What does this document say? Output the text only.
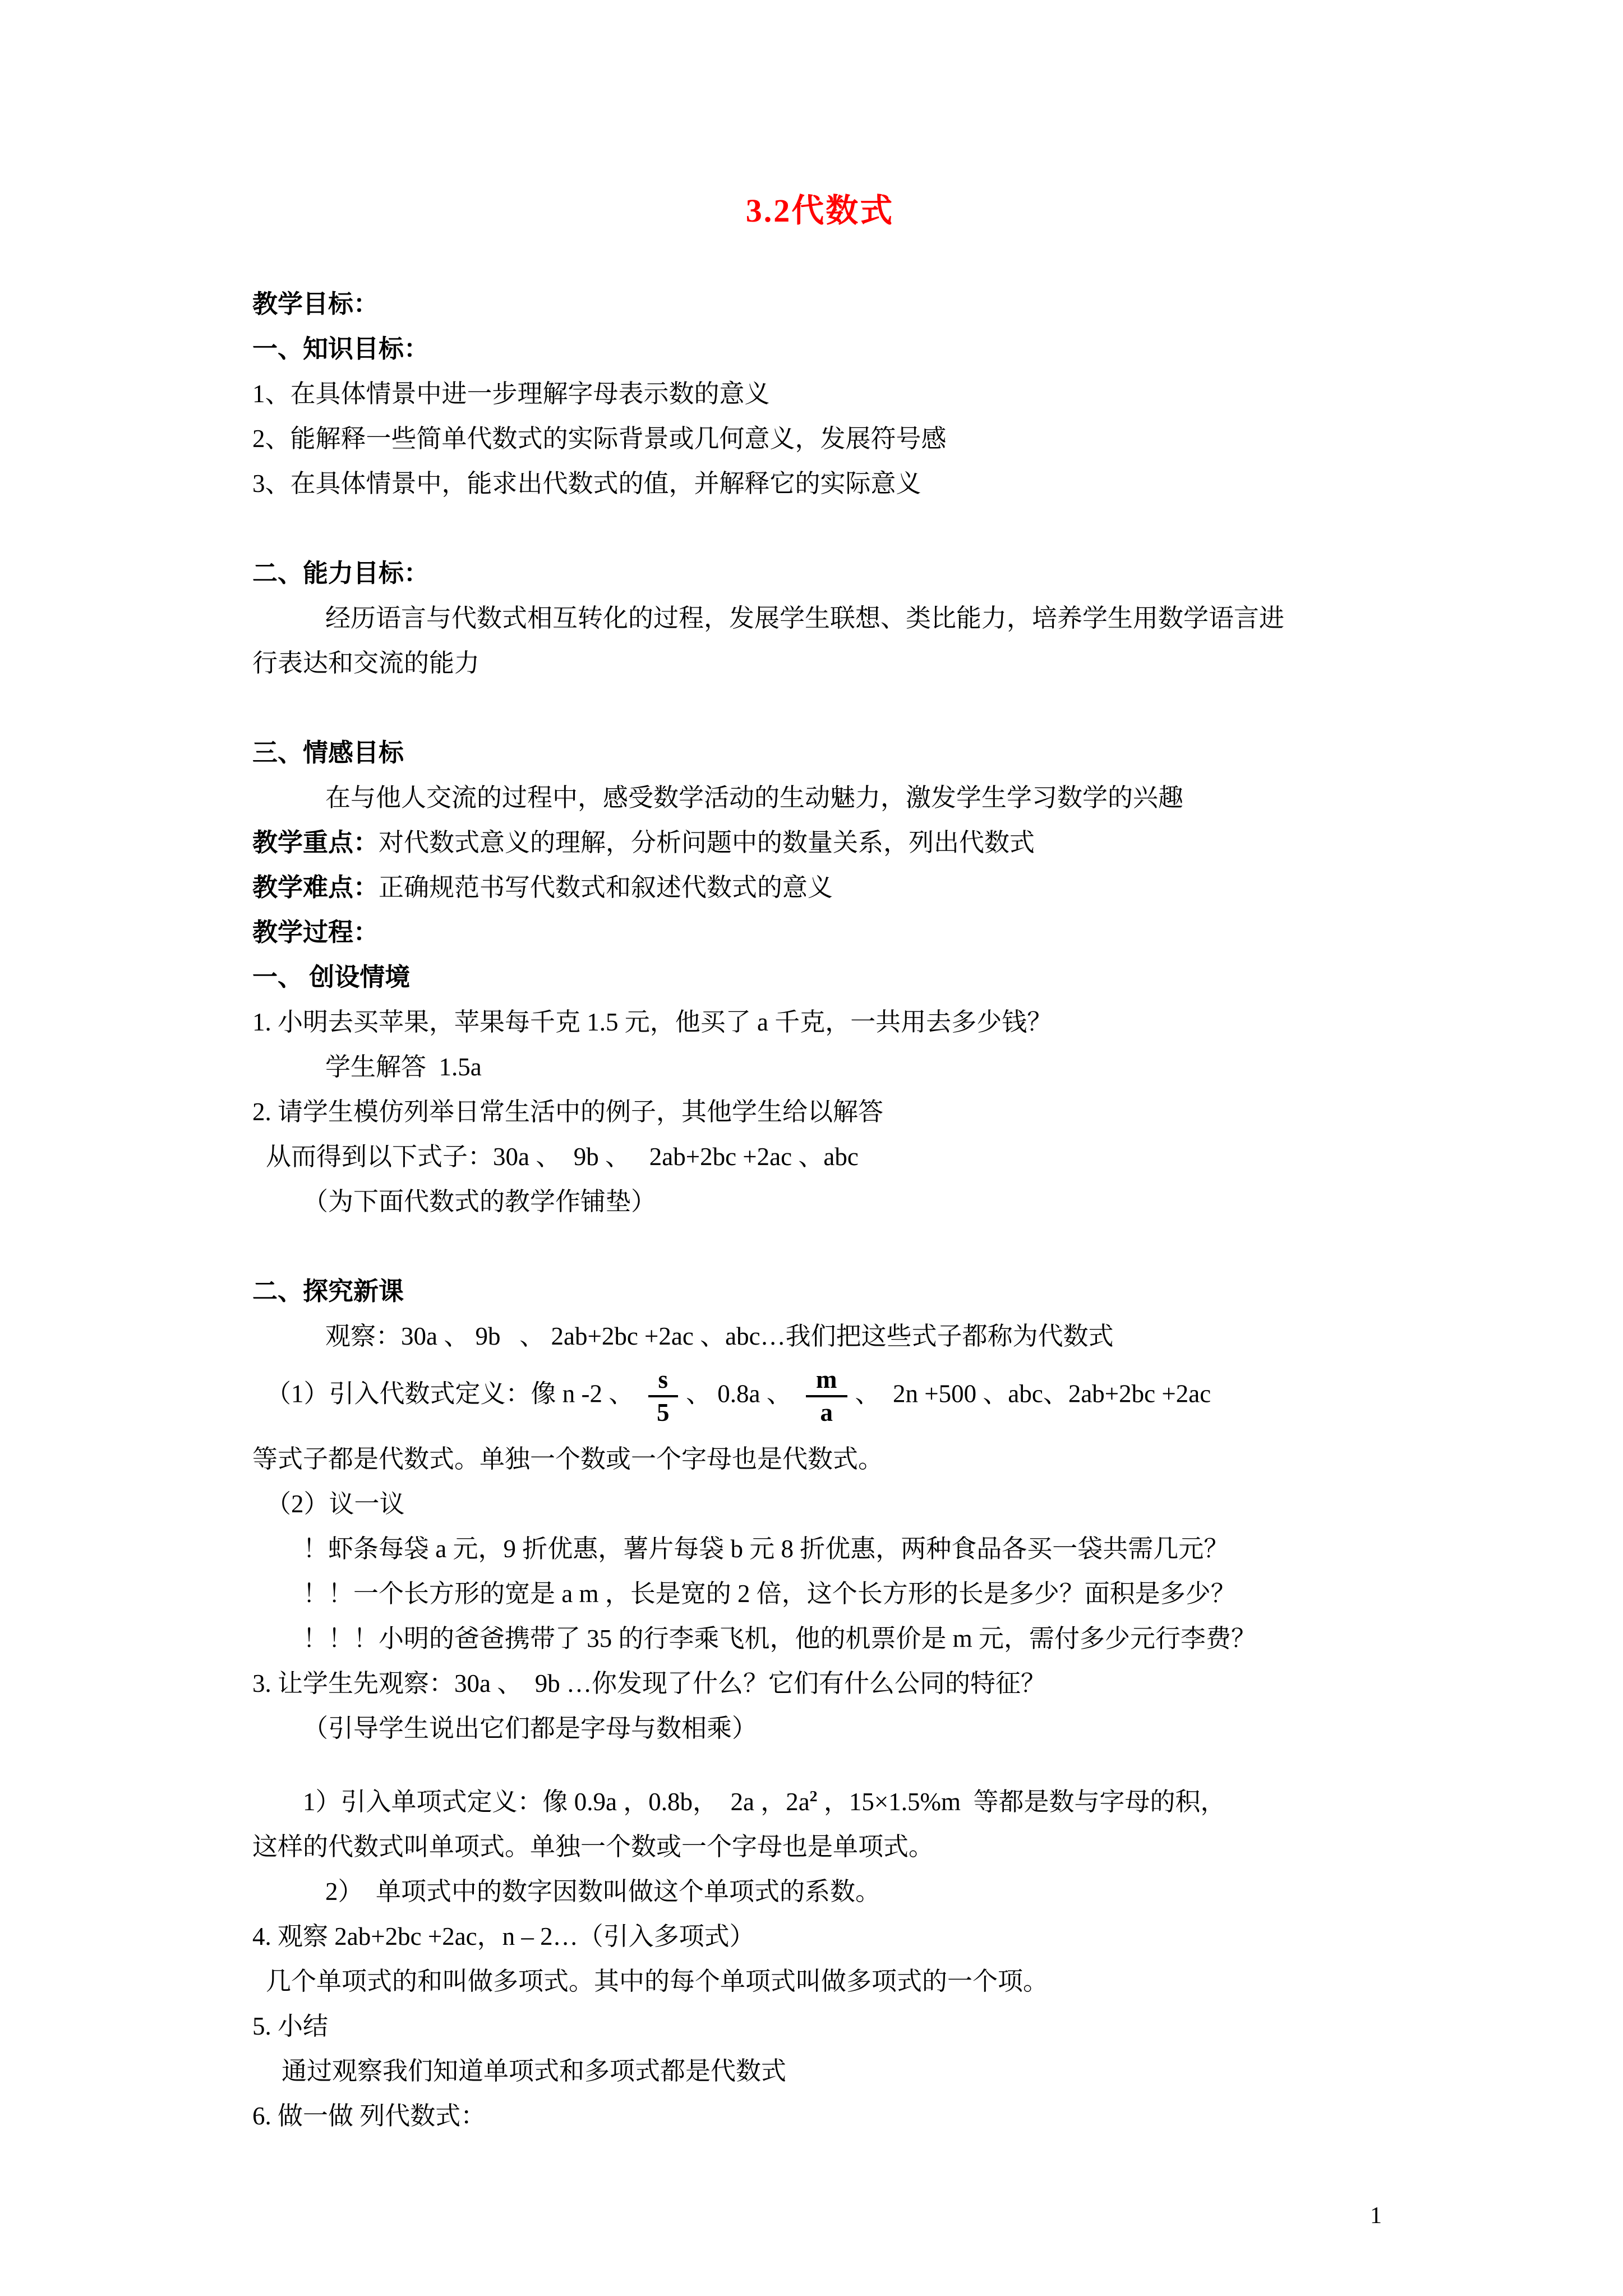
3.2代数式

教学目标：

一、知识目标：

1、在具体情景中进一步理解字母表示数的意义

2、能解释一些简单代数式的实际背景或几何意义，发展符号感

3、在具体情景中，能求出代数式的值，并解释它的实际意义

二、能力目标：

经历语言与代数式相互转化的过程，发展学生联想、类比能力，培养学生用数学语言进

行表达和交流的能力

三、情感目标

在与他人交流的过程中，感受数学活动的生动魅力，激发学生学习数学的兴趣

教学重点：对代数式意义的理解，分析问题中的数量关系，列出代数式

教学难点：正确规范书写代数式和叙述代数式的意义

教学过程：

一、 创设情境

1. 小明去买苹果，苹果每千克 1.5 元，他买了 a 千克，一共用去多少钱？

学生解答  1.5a

2. 请学生模仿列举日常生活中的例子，其他学生给以解答

从而得到以下式子：30a 、  9b 、   2ab+2bc +2ac 、abc

（为下面代数式的教学作铺垫）

二、探究新课

观察：30a 、 9b   、 2ab+2bc +2ac 、abc…我们把这些式子都称为代数式

（1）引入代数式定义：像 n -2 、 $\frac{s}{5}$ 、 0.8a 、 $\frac{m}{a}$ 、  2n +500 、abc、2ab+2bc +2ac

等式子都是代数式。单独一个数或一个字母也是代数式。

（2）议一议

！虾条每袋 a 元，9 折优惠，薯片每袋 b 元 8 折优惠，两种食品各买一袋共需几元？

！！一个长方形的宽是 a m ，长是宽的 2 倍，这个长方形的长是多少？面积是多少？

！！！小明的爸爸携带了 35 的行李乘飞机，他的机票价是 m 元，需付多少元行李费？

3. 让学生先观察：30a 、  9b …你发现了什么？它们有什么公同的特征？

（引导学生说出它们都是字母与数相乘）

1）引入单项式定义：像 0.9a ，0.8b，  2a ，$2a^2$ ，15×1.5%m  等都是数与字母的积，

这样的代数式叫单项式。单独一个数或一个字母也是单项式。

2）  单项式中的数字因数叫做这个单项式的系数。

4. 观察 2ab+2bc +2ac，n – 2…（引入多项式）

几个单项式的和叫做多项式。其中的每个单项式叫做多项式的一个项。

5. 小结

通过观察我们知道单项式和多项式都是代数式

6. 做一做 列代数式：

1
